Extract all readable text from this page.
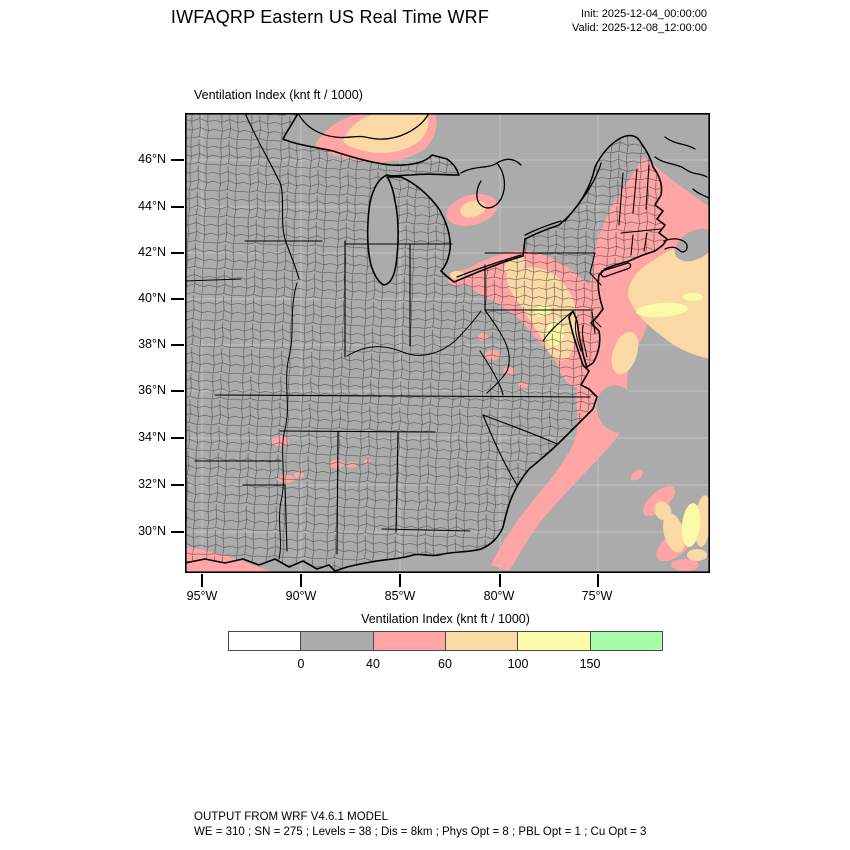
IWFAQRP Eastern US Real Time WRF	Init: 2025-12-04_00:00:00
Valid: 2025-12-08_12:00:00
Ventilation Index (knt ft / 1000)
46°N
44°N
42°N
40°N
38°N
36°N
34°N
32°N
30°N
95°W	90°W	85°W	80°W	75°W
Ventilation Index (knt ft / 1000)
0	40	60	100	150
OUTPUT FROM WRF V4.6.1 MODEL
WE = 310 ; SN = 275 ; Levels = 38 ; Dis = 8km ; Phys Opt = 8 ; PBL Opt = 1 ; Cu Opt = 3
